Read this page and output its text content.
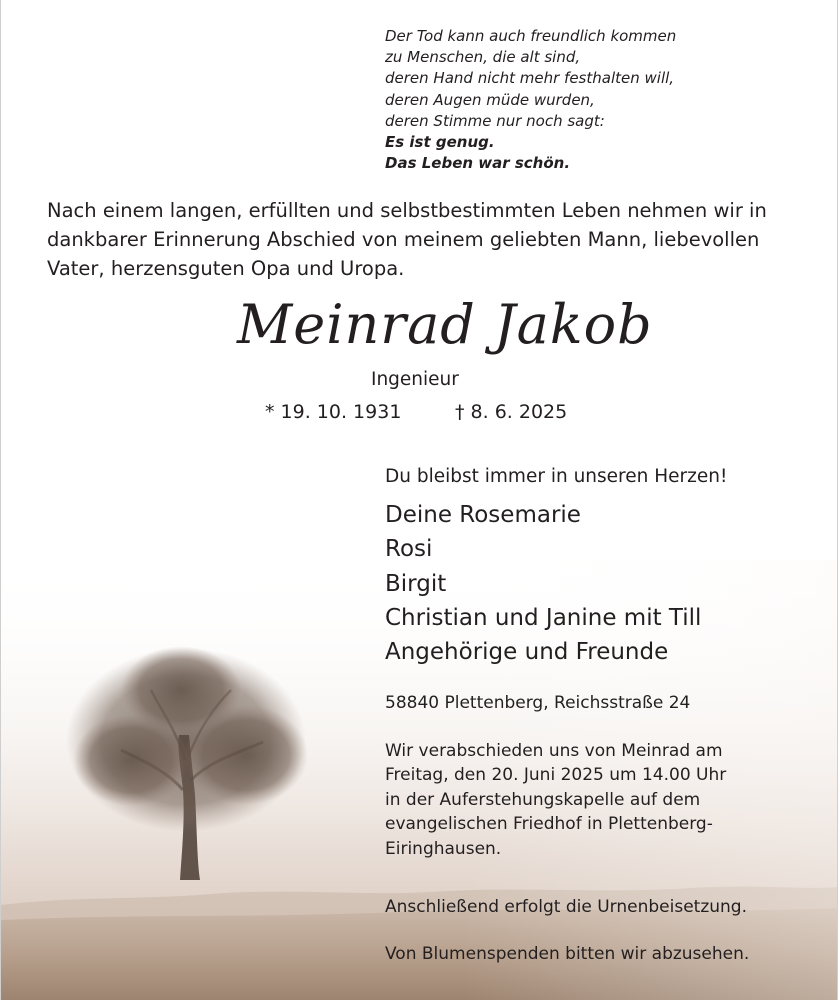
Der Tod kann auch freundlich kommen
zu Menschen, die alt sind,
deren Hand nicht mehr festhalten will,
deren Augen müde wurden,
deren Stimme nur noch sagt:
Es ist genug.
Das Leben war schön.
Nach einem langen, erfüllten und selbstbestimmten Leben nehmen wir in
dankbarer Erinnerung Abschied von meinem geliebten Mann, liebevollen
Vater, herzensguten Opa und Uropa.
Meinrad Jakob
Ingenieur
* 19. 10. 1931	† 8. 6. 2025
Du bleibst immer in unseren Herzen!
Deine Rosemarie
Rosi
Birgit
Christian und Janine mit Till
Angehörige und Freunde
58840 Plettenberg, Reichsstraße 24
Wir verabschieden uns von Meinrad am
Freitag, den 20. Juni 2025 um 14.00 Uhr
in der Auferstehungskapelle auf dem
evangelischen Friedhof in Plettenberg-
Eiringhausen.
Anschließend erfolgt die Urnenbeisetzung.
Von Blumenspenden bitten wir abzusehen.
